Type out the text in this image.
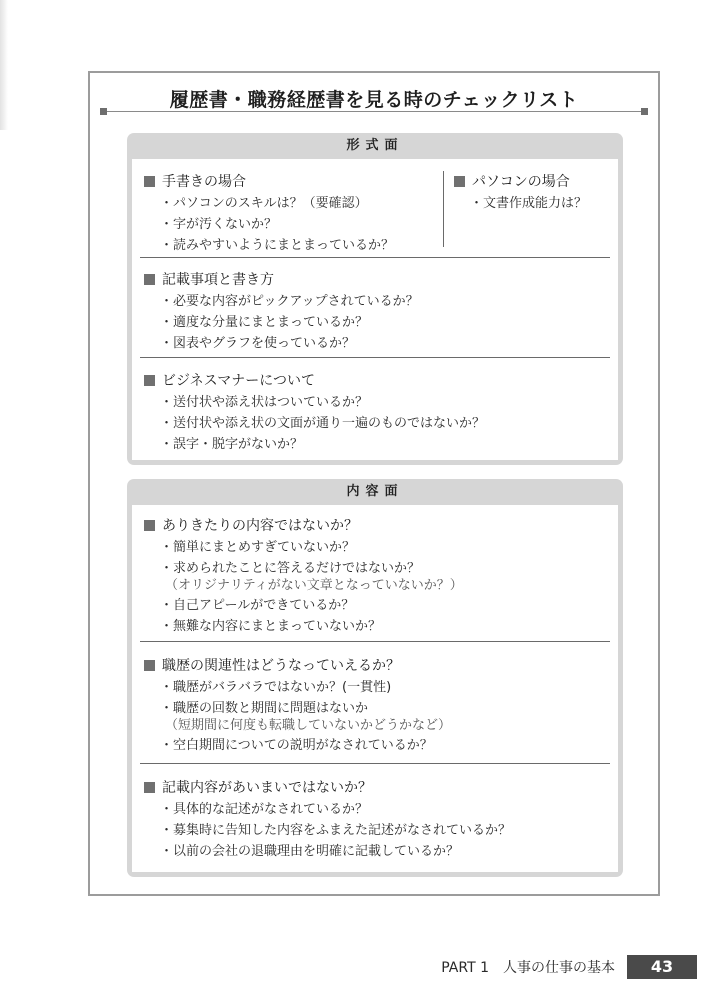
履歴書・職務経歴書を見る時のチェックリスト
形式面
手書きの場合
・パソコンのスキルは？（要確認）
・字が汚くないか？
・読みやすいようにまとまっているか？
パソコンの場合
・文書作成能力は？
記載事項と書き方
・必要な内容がピックアップされているか？
・適度な分量にまとまっているか？
・図表やグラフを使っているか？
ビジネスマナーについて
・送付状や添え状はついているか？
・送付状や添え状の文面が通り一遍のものではないか？
・誤字・脱字がないか？
内容面
ありきたりの内容ではないか？
・簡単にまとめすぎていないか？
・求められたことに答えるだけではないか？
（オリジナリティがない文章となっていないか？）
・自己アピールができているか？
・無難な内容にまとまっていないか？
職歴の関連性はどうなっていえるか？
・職歴がバラバラではないか？(一貫性)
・職歴の回数と期間に問題はないか
（短期間に何度も転職していないかどうかなど）
・空白期間についての説明がなされているか？
記載内容があいまいではないか？
・具体的な記述がなされているか？
・募集時に告知した内容をふまえた記述がなされているか？
・以前の会社の退職理由を明確に記載しているか？
PART 1　人事の仕事の基本	43
